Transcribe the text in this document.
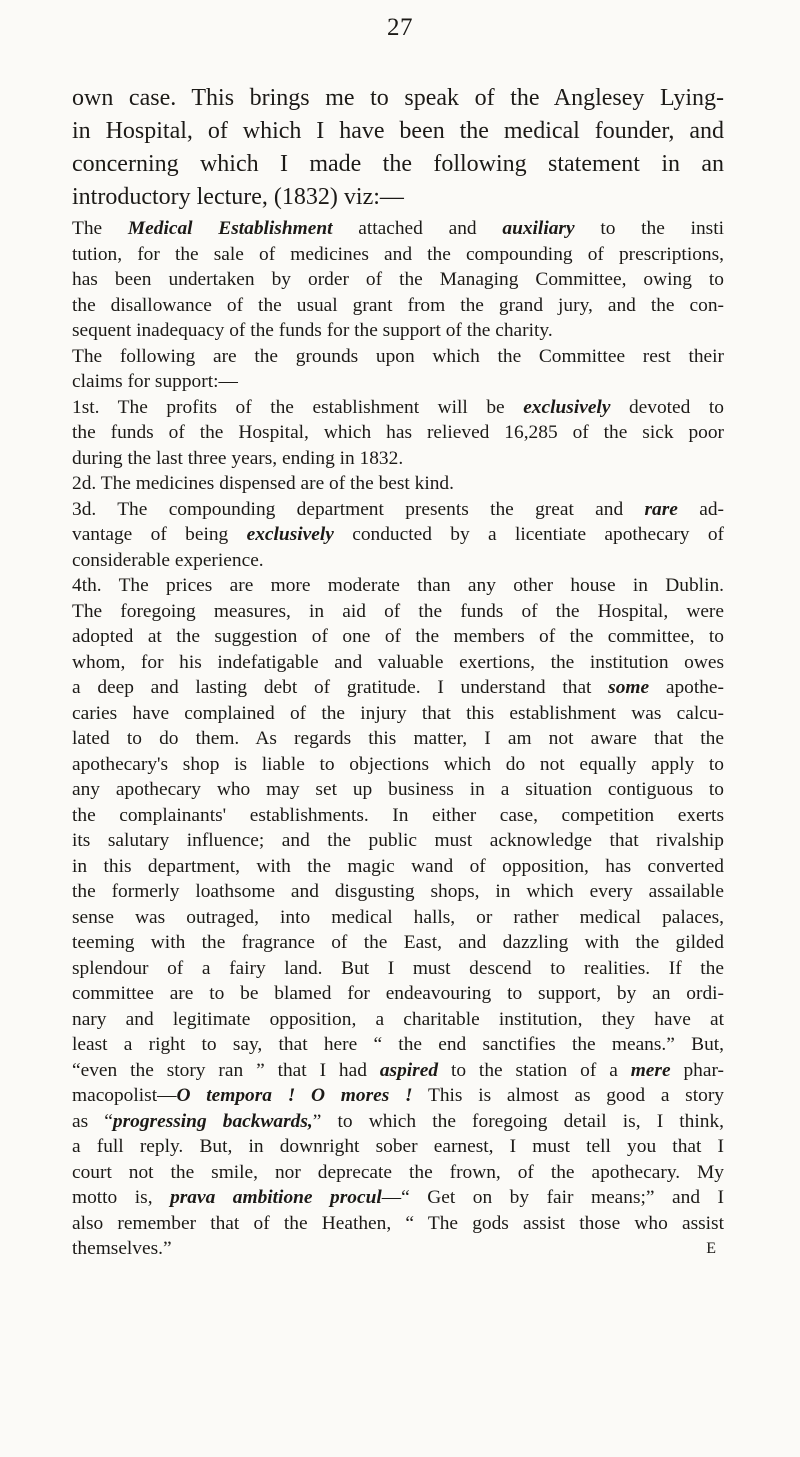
27
own case. This brings me to speak of the Anglesey Lying-
in Hospital, of which I have been the medical founder, and
concerning which I made the following statement in an
introductory lecture, (1832) viz:—
The Medical Establishment attached and auxiliary to the insti
tution, for the sale of medicines and the compounding of prescriptions,
has been undertaken by order of the Managing Committee, owing to
the disallowance of the usual grant from the grand jury, and the con-
sequent inadequacy of the funds for the support of the charity.
The following are the grounds upon which the Committee rest their
claims for support:—
1st. The profits of the establishment will be exclusively devoted to
the funds of the Hospital, which has relieved 16,285 of the sick poor
during the last three years, ending in 1832.
2d. The medicines dispensed are of the best kind.
3d. The compounding department presents the great and rare ad-
vantage of being exclusively conducted by a licentiate apothecary of
considerable experience.
4th. The prices are more moderate than any other house in Dublin.
The foregoing measures, in aid of the funds of the Hospital, were
adopted at the suggestion of one of the members of the committee, to
whom, for his indefatigable and valuable exertions, the institution owes
a deep and lasting debt of gratitude. I understand that some apothe-
caries have complained of the injury that this establishment was calcu-
lated to do them. As regards this matter, I am not aware that the
apothecary's shop is liable to objections which do not equally apply to
any apothecary who may set up business in a situation contiguous to
the complainants' establishments. In either case, competition exerts
its salutary influence; and the public must acknowledge that rivalship
in this department, with the magic wand of opposition, has converted
the formerly loathsome and disgusting shops, in which every assailable
sense was outraged, into medical halls, or rather medical palaces,
teeming with the fragrance of the East, and dazzling with the gilded
splendour of a fairy land. But I must descend to realities. If the
committee are to be blamed for endeavouring to support, by an ordi-
nary and legitimate opposition, a charitable institution, they have at
least a right to say, that here “ the end sanctifies the means.” But,
“even the story ran ” that I had aspired to the station of a mere phar-
macopolist—O tempora ! O mores ! This is almost as good a story
as “progressing backwards,” to which the foregoing detail is, I think,
a full reply. But, in downright sober earnest, I must tell you that I
court not the smile, nor deprecate the frown, of the apothecary. My
motto is, prava ambitione procul—“ Get on by fair means;” and I
also remember that of the Heathen, “ The gods assist those who assist
themselves.”	E
